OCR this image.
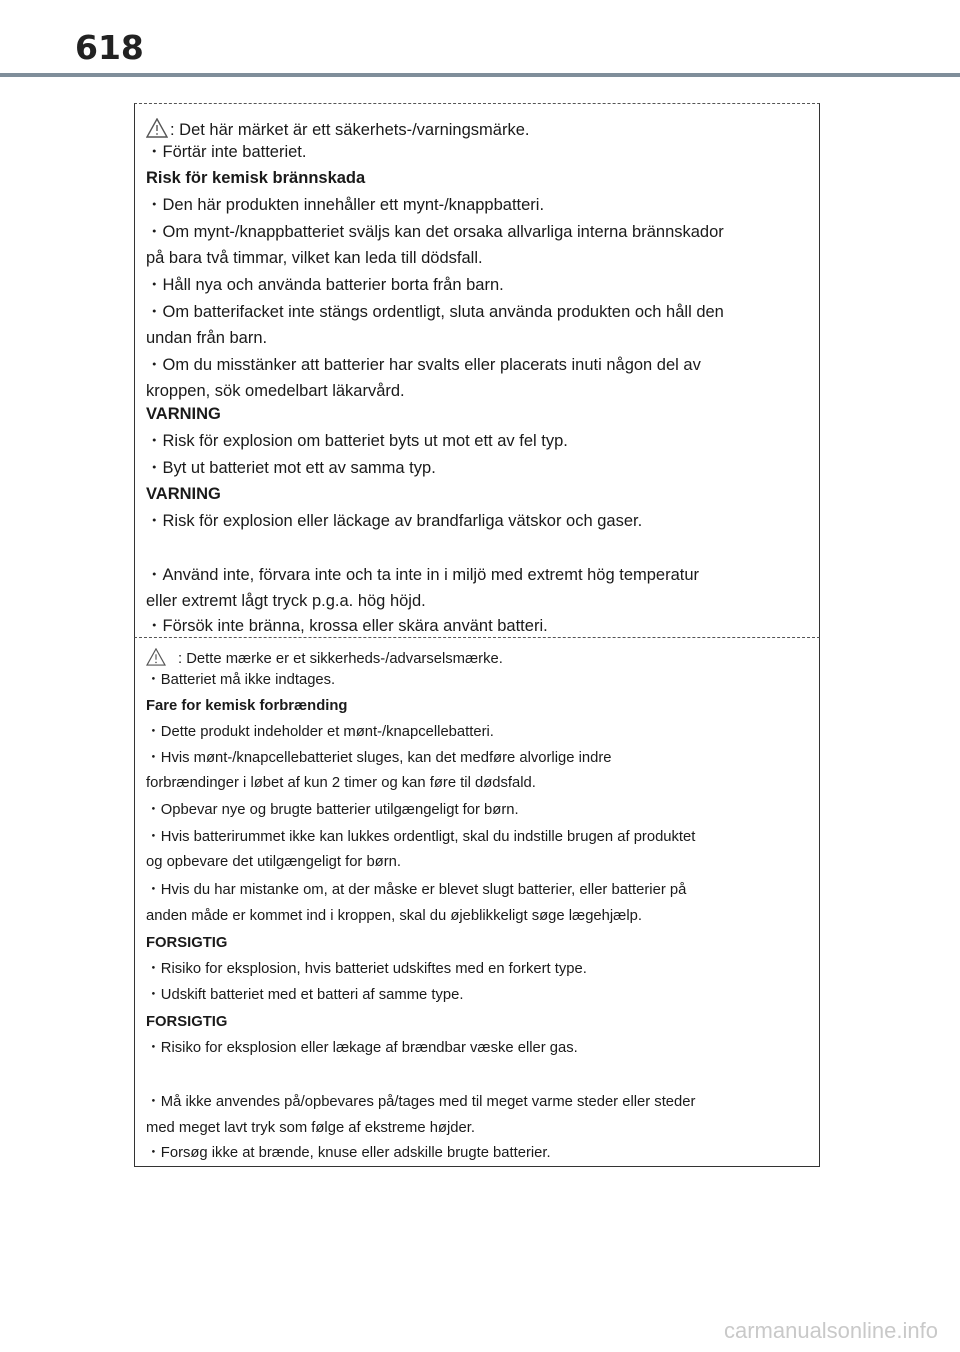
618
: Det här märket är ett säkerhets-/varningsmärke.
・Förtär inte batteriet.
Risk för kemisk brännskada
・Den här produkten innehåller ett mynt-/knappbatteri.
・Om mynt-/knappbatteriet sväljs kan det orsaka allvarliga interna brännskador
på bara två timmar, vilket kan leda till dödsfall.
・Håll nya och använda batterier borta från barn.
・Om batterifacket inte stängs ordentligt, sluta använda produkten och håll den
undan från barn.
・Om du misstänker att batterier har svalts eller placerats inuti någon del av
kroppen, sök omedelbart läkarvård.
VARNING
・Risk för explosion om batteriet byts ut mot ett av fel typ.
・Byt ut batteriet mot ett av samma typ.
VARNING
・Risk för explosion eller läckage av brandfarliga vätskor och gaser.
・Använd inte, förvara inte och ta inte in i miljö med extremt hög temperatur
eller extremt lågt tryck p.g.a. hög höjd.
・Försök inte bränna, krossa eller skära använt batteri.
: Dette mærke er et sikkerheds-/advarselsmærke.
・Batteriet må ikke indtages.
Fare for kemisk forbrænding
・Dette produkt indeholder et mønt-/knapcellebatteri.
・Hvis mønt-/knapcellebatteriet sluges, kan det medføre alvorlige indre
forbrændinger i løbet af kun 2 timer og kan føre til dødsfald.
・Opbevar nye og brugte batterier utilgængeligt for børn.
・Hvis batterirummet ikke kan lukkes ordentligt, skal du indstille brugen af produktet
og opbevare det utilgængeligt for børn.
・Hvis du har mistanke om, at der måske er blevet slugt batterier, eller batterier på
anden måde er kommet ind i kroppen, skal du øjeblikkeligt søge lægehjælp.
FORSIGTIG
・Risiko for eksplosion, hvis batteriet udskiftes med en forkert type.
・Udskift batteriet med et batteri af samme type.
FORSIGTIG
・Risiko for eksplosion eller lækage af brændbar væske eller gas.
・Må ikke anvendes på/opbevares på/tages med til meget varme steder eller steder
med meget lavt tryk som følge af ekstreme højder.
・Forsøg ikke at brænde, knuse eller adskille brugte batterier.
carmanualsonline.info
